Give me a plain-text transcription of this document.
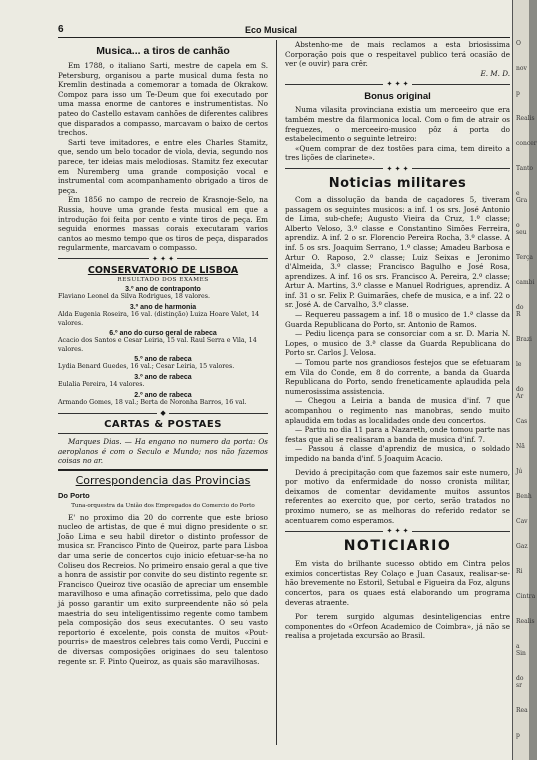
6	Eco Musical

Musica... a tiros de canhão

Em 1788, o italiano Sarti, mestre de capela em S. Petersburg, organisou a parte musical duma festa no Kremlin destinada a comemorar a tomada de Okrakow. Compoz para isso um Te-Deum que foi executado por uma massa enorme de cantores e instrumentistas. No pateo do Castello estavam canhões de diferentes calibres que disparados a compasso, marcavam o baixo de certos trechos.

Sarti teve imitadores, e entre eles Charles Stamitz, que, sendo um belo tocador de viola, devia, segundo nos parece, ter ideias mais melodiosas. Stamitz fez executar em Nuremberg uma grande composição vocal e instrumental com acompanhamento obrigado a tiros de peça.

Em 1856 no campo de recreio de Krasnoje-Selo, na Russia, houve uma grande festa musical em que a introdução foi feita por cento e vinte tiros de peça. Em seguida enormes massas corais executaram varios cantos ao mesmo tempo que os tiros de peça, disparados regularmente, marcavam o compasso.

✦ ✦ ✦

CONSERVATORIO DE LISBOA

RESULTADO DOS EXAMES

3.º ano de contraponto

Flaviano Leonel da Silva Rodrigues, 18 valores.

3.º ano de harmonia

Alda Eugenia Roseira, 16 val. (distinção) Luiza Hoare Valet, 14 valores.

6.º ano do curso geral de rabeca

Acacio dos Santos e Cesar Leiria, 15 val. Raul Serra e Vila, 14 valores.

5.º ano de rabeca

Lydia Benard Guedes, 16 val.; Cesar Leiria, 15 valores.

3.º ano de rabeca

Eulalia Pereira, 14 valores.

2.º ano de rabeca

Armando Gomes, 18 val.; Berta de Noronha Barros, 16 val.

◆

CARTAS & POSTAES

Marques Dias. — Ha engano no numero da porta: Os aeroplanos é com o Seculo e Mundo; nos não fazemos coisas no ar.

Correspondencia das Provincias

Do Porto

Tuna-orquestra da União dos Empregados do Comercio do Porto

E' no proximo dia 20 do corrente que este brioso nucleo de artistas, de que é mui digno presidente o sr. João Lima e seu habil diretor o distinto professor de musica sr. Francisco Pinto de Queiroz, parte para Lisboa dar uma serie de concertos cujo inicio efetuar-se-ha no Coliseu dos Recreios. No primeiro ensaio geral a que tive a honra de assistir por convite do seu distinto regente sr. Francisco Queiroz tive ocasião de apreciar um ensemble maravilhoso e uma afinação corretissima, pelo que dado já posso garantir um exito surpreendente não só pela maestria do seu inteligentissimo regente como tambem pela composição dos seus executantes. O seu vasto reportorio é excelente, pois consta de muitos «Pout-pourris» de maestros celebres tais como Verdi, Puccini e de diversas composições originaes do seu talentoso regente sr. F. Pinto Queiroz, as quais são maravilhosas.

Abstenho-me de mais reclamos a esta briosissima Corporação pois que o respeitavel publico terá ocasião de ver (e ouvir) para crêr.

E. M. D.

✦ ✦ ✦

Bonus original

Numa vilasita provinciana existia um merceeiro que era também mestre da filarmonica local. Com o fim de atrair os freguezes, o merceeiro-musico pôz á porta do estabelecimento o seguinte letreiro:

«Quem comprar de dez tostões para cima, tem direito a tres lições de clarinete».

✦ ✦ ✦

Noticias militares

Com a dissolução da banda de caçadores 5, tiveram passagem os seguintes musicos: a inf. 1 os srs. José Antonio de Lima, sub-chefe; Augusto Vieira da Cruz, 1.º classe; Alberto Veloso, 3.º classe e Constantino Simões Ferreira, aprendiz. A inf. 2 o sr. Florencio Pereira Rocha, 3.º classe. A inf. 5 os srs. Joaquim Serrano, 1.º classe; Amadeu Barbosa e Artur O. Raposo, 2.º classe; Luiz Seixas e Jeronimo d'Almeida, 3.º classe; Francisco Bagulho e José Rosa, aprendizes. A inf. 16 os srs. Francisco A. Pereira, 2.º classe; Artur A. Martins, 3.º classe e Manuel Rodrigues, aprendiz. A inf. 31 o sr. Felix P. Guimarães, chefe de musica, e a inf. 22 o sr. José A. de Carvalho, 3.º classe.

— Requereu passagem a inf. 18 o musico de 1.ª classe da Guarda Republicana do Porto, sr. Antonio de Ramos.

— Pediu licença para se consorciar com a sr. D. Maria N. Lopes, o musico de 3.ª classe da Guarda Republicana do Porto sr. Carlos J. Velosa.

— Tomou parte nos grandiosos festejos que se efetuaram em Vila do Conde, em 8 do corrente, a banda da Guarda Republicana do Porto, sendo freneticamente aplaudida pela numerosissima assistencia.

— Chegou a Leiria a banda de musica d'inf. 7 que acompanhou o regimento nas manobras, sendo muito aplaudida em todas as localidades onde deu concertos.

— Partiu no dia 11 para a Nazareth, onde tomou parte nas festas que ali se realisaram a banda de musica d'inf. 7.

— Passou á classe d'aprendiz de musica, o soldado impedido na banda d'inf. 5 Joaquim Acacio.

Devido á precipitação com que fazemos sair este numero, por motivo da enfermidade do nosso cronista militar, deixamos de comentar devidamente muitos assuntos referentes ao exercito que, por certo, serão tratados no proximo numero, se as melhoras do referido redator se acentuarem como esperamos.

✦ ✦ ✦

NOTICIARIO

Em vista do brilhante sucesso obtido em Cintra pelos eximios concertistas Rey Colaço e Juan Casaux, realisar-se-hão brevemente no Estoril, Setubal e Figueira da Foz, alguns concertos, para os quaes está elaborando um programa deveras atraente.

Por terem surgido algumas desinteligencias entre componentes do «Orfeon Academico de Coimbra», já não se realisa a projetada excursão ao Brasil.

O
nov
p
Realis
concer
Tanto
e Gra
o seu
Terça
cambi
do R
Brazi
le
do Ar
Cas
Nã
Jú
Benh
Cav
Gaz
Ri
Cintra
Realis
a Sin
do sr
Rea
p
